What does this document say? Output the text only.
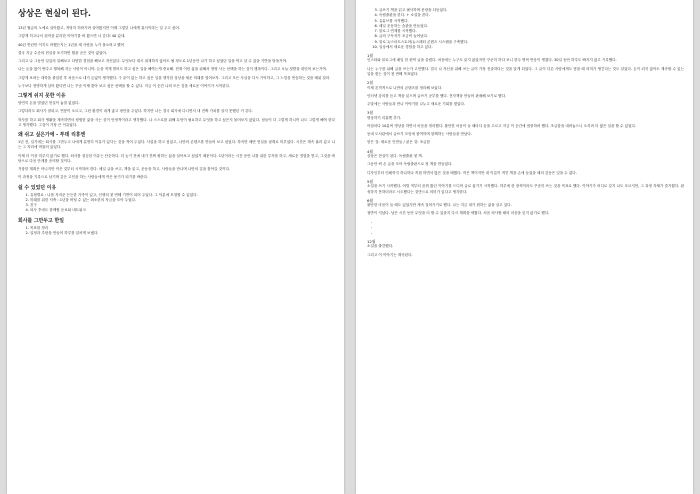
상상은 현실이 된다.
13년 월급의 노예로 살아왔고, 적당히 허락가려 살아왔지만 이제 그렇던 나에게 휴식이라는 걸 주고 싶어.
그렇게 허고나서 취직을 분리한 이야기를 써 왔으면 너 같다! 40 갔네.
40년 반년만 이지도 어쨌든지는 1년을 새 사람을 누가 몰오려고 했어
결국 지금 수준의 현실을 포기하면 월을 곧은 것이 없었어.
그리고 나 그동안 일입의 일해보고 다양한 경험을 해보고 자신있다. 무엇보다 대시 취재하지 않아도 될 정도로 1년동안 나가 하고 싶었던 일을 먹고 살 수 있을 기반을 닦을거야.
나는 돈을 많이 번다고 행복해 지는 사람이 아니야. 돈을 적게 벌어도 하고 싶은 일을 해야는게 중요해. 현재 이런 삶을 위해서 영영 사는 선택을 하는 것이 행복이다. 그리고 오늘 첫발을 내딛어 보는거야.
그렇게 보려는 대학을 졸업한 후 처음으로 내가 돈없이 생각했다. 구 끝이 없는 하고 싶은 일을 생각한 상상을 세운 미래를 열어보자. 그리고 모든 사실을 다시 기억하고, 그 느낌을 연습하는 것을 배워 달라.
누구보다 현명하게 살아 왔다면 나는 꾸준 이제 찾아 보고 싶은 선택을 할 수 있다. 지금 이 순간 나의 모든 것을 새로운 이야기가 시작된다.
그렇게 쉬지 못한 이유
당연히 돈을 벌었던 현실이 놓칠 없었다.
그렇다라도 회사가 잘되고, 연봉이 오르고, 그런 환경이 내게 좋고 평안을 주었다. 하지만 나는 결국 회사에 다니면서 내 진짜 가치를 알지 못했던 거 같다.
학사를 하고 회사 생활을 계속하면서 평범한 삶을 사는 것이 안정적이라고 생각했다. 나 스스로를 위해 무엇이 필요하고 무엇을 하고 싶은지 물어보지 않았다. 남들이 다 그렇게 하니까 나도 그렇게 해야 한다고 생각했다. 그것이 가장 큰 이유였다.
왜 쉬고 싶은가에 - 투데 리휴엔
1년 전, 일기에는 회사를 그만두고 나에게 분명히 이유가 있다는 것을 적어 두었다. 사업을 하고 싶었고, 나만의 콘텐츠를 만들어 보고 싶었다. 하지만 매번 현실을 핑계로 미루었다. 시간은 계속 흘러 갔고 나는 그 자리에 머물러 있었다.
이제 더 이상 미루지 않기로 했다. 퇴사를 결심한 이유는 단순하다. 더 늦기 전에 내가 진짜 원하는 삶을 살아보고 싶었기 때문이다. 1년이라는 시간 동안 나를 위한 투자를 하고, 새로운 경험을 쌓고, 그것을 바탕으로 다음 단계를 준비할 것이다.
거창한 계획은 아니지만 작은 것부터 시작하려 한다. 매일 글을 쓰고, 책을 읽고, 운동을 하고, 사람들을 만나며 나만의 길을 찾아갈 것이다.
이 과정을 기록으로 남기며 같은 고민을 하는 사람들에게 작은 용기가 되기를 바란다.
쉴 수 있었던 이유
1. 유형별로 : 나를 지켜준 든든한 가족이 있고, 인생의 첫 번째 기반이 되어 주었다. 그 덕분에 모험할 수 있었다.
2. 미래를 위한 저축 : 1년을 버틸 수 있는 최소한의 자금을 모아 두었다.
3. 친구
4. 퇴사 후에도 함께할 동료와 네트워크
회사를 그만두고 한일
1. 목표를 정리
2. 일정과 루틴을 만들어 하루를 알차게 보냈다.
3. 글쓰기 책을 읽고 필사하며 문장을 다듬었다.
4. 독립출판을 한다. + 소설을 쓴다.
5. 유튜브를 시작했다.
6. 매일 운동하는 습관을 만들었다.
7. 블로그 연재를 시작했다.
8. 글의 구독자가 조금씩 늘어났다.
9. 블로그/스마트스토어/뉴스레터 콘텐츠 시스템을 구축했다.
10. 일상에서 새로운 경험을 하고 있다.
1월
인스타와 블로그에 매일 한 편씩 글을 올렸다. 처음에는 누구도 읽지 않았지만 꾸준히 하다 보니 한두 명씩 반응이 생겼다. 30일 동안 하루도 빠지지 않고 기록했다.
나는 누구를 위해 글을 쓰는가 고민했다. 결국 나 자신을 위해 쓰는 글이 가장 진솔하다는 것을 알게 되었다. 그 글이 다른 사람에게도 닿을 때 의미가 생긴다는 것도 알았다. 돈이 되지 않아도 계속할 수 있는 일을 찾는 것이 첫 번째 목표였다.
2월
이제 본격적으로 나만의 콘텐츠를 정리해 보았다.
인터넷 강의를 듣고 책을 읽으며 글쓰기 공부를 했다. 전자책을 만들어 판매해 보기로 했다.
주말에는 사람들과 만나 이야기를 나누고 새로운 기회를 찾았다.
3월
명상하기 리휴엔 추가.
아침마다 10분씩 명상을 하면서 마음을 정리했다. 불안한 마음이 들 때마다 숨을 고르고 지금 이 순간에 집중하려 했다. 조급함을 내려놓으니 오히려 더 많은 일을 할 수 있었다.
동네 도서관에서 글쓰기 모임에 참여하며 함께하는 사람들을 만났다.
얻은 것: 새로운 인연들 / 잃은 것: 조급함
4월
상상은 현실이 된다. 독립출판 첫 책.
그동안 써 온 글을 모아 독립출판으로 첫 책을 만들었다.
디자인부터 인쇄까지 하나하나 직접 하면서 많은 것을 배웠다. 작은 책이지만 내 이름이 적힌 책을 손에 들었을 때의 감동은 잊을 수 없다.
5월
소설을 쓰기 시작했다. 어릴 적부터 꿈꿔 왔던 이야기를 드디어 글로 옮기기 시작했다. 하루에 한 장씩이라도 꾸준히 쓰는 것을 목표로 했다. 이야기가 어디로 갈지 나도 모르지만, 그 과정 자체가 즐거웠다. 완성하지 못하더라도 시도했다는 것만으로 의미가 있다고 생각한다.
6월
불안한 마음이 들 때도 있었지만 계속 걸어가기로 했다. 나는 지금 내가 원하는 삶을 살고 있다.
절반이 지났다. 남은 시간 동안 무엇을 더 할 수 있을지 다시 계획을 세웠다. 처음 퇴사할 때의 마음을 잊지 않기로 했다.
·
·
·
12월
소설을 출간했다.
그리고 이 이야기는 계속된다.
